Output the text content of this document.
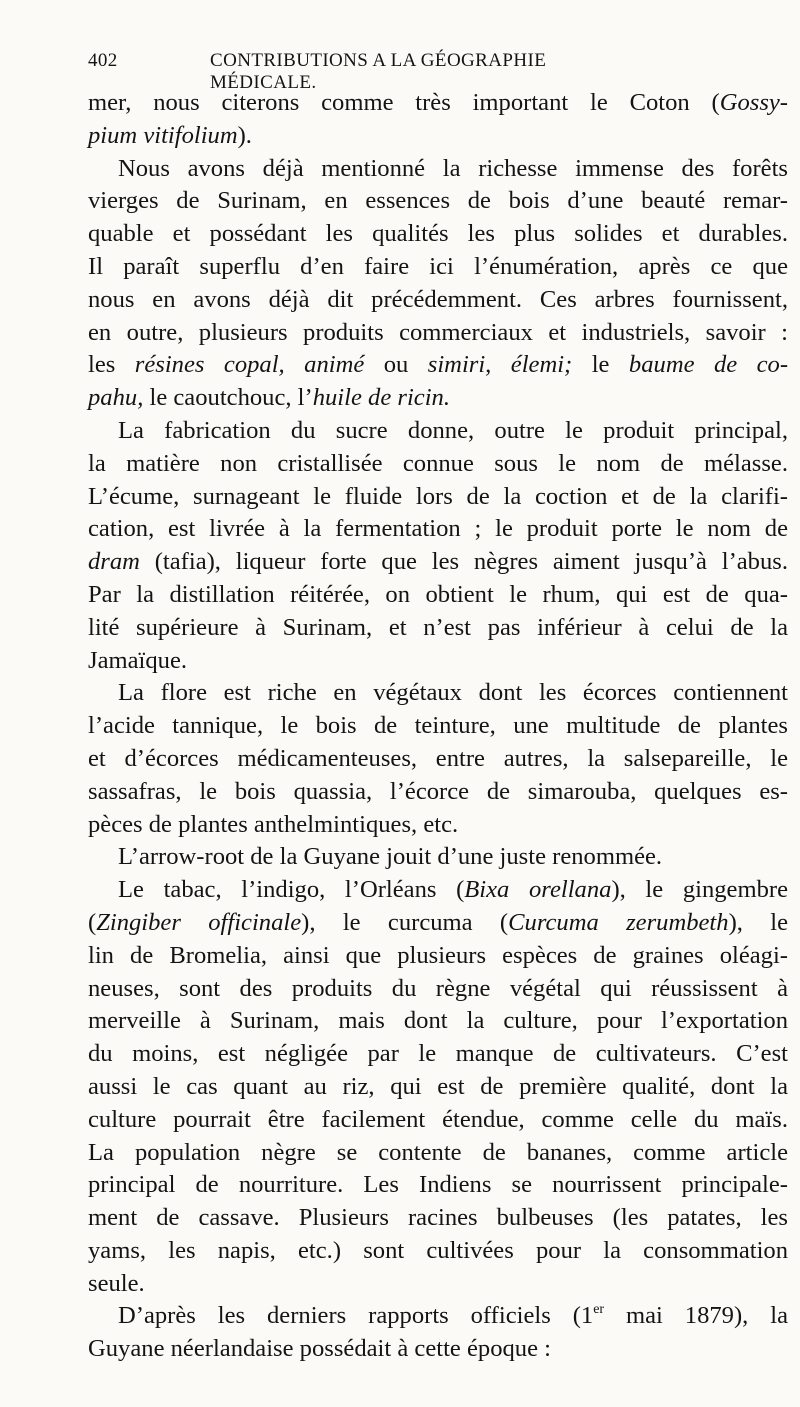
402	CONTRIBUTIONS A LA GÉOGRAPHIE MÉDICALE.
mer, nous citerons comme très important le Coton (Gossy-
pium vitifolium).
Nous avons déjà mentionné la richesse immense des forêts
vierges de Surinam, en essences de bois d’une beauté remar-
quable et possédant les qualités les plus solides et durables.
Il paraît superflu d’en faire ici l’énumération, après ce que
nous en avons déjà dit précédemment. Ces arbres fournissent,
en outre, plusieurs produits commerciaux et industriels, savoir :
les résines copal, animé ou simiri, élemi; le baume de co-
pahu, le caoutchouc, l’huile de ricin.
La fabrication du sucre donne, outre le produit principal,
la matière non cristallisée connue sous le nom de mélasse.
L’écume, surnageant le fluide lors de la coction et de la clarifi-
cation, est livrée à la fermentation ; le produit porte le nom de
dram (tafia), liqueur forte que les nègres aiment jusqu’à l’abus.
Par la distillation réitérée, on obtient le rhum, qui est de qua-
lité supérieure à Surinam, et n’est pas inférieur à celui de la
Jamaïque.
La flore est riche en végétaux dont les écorces contiennent
l’acide tannique, le bois de teinture, une multitude de plantes
et d’écorces médicamenteuses, entre autres, la salsepareille, le
sassafras, le bois quassia, l’écorce de simarouba, quelques es-
pèces de plantes anthelmintiques, etc.
L’arrow-root de la Guyane jouit d’une juste renommée.
Le tabac, l’indigo, l’Orléans (Bixa orellana), le gingembre
(Zingiber officinale), le curcuma (Curcuma zerumbeth), le
lin de Bromelia, ainsi que plusieurs espèces de graines oléagi-
neuses, sont des produits du règne végétal qui réussissent à
merveille à Surinam, mais dont la culture, pour l’exportation
du moins, est négligée par le manque de cultivateurs. C’est
aussi le cas quant au riz, qui est de première qualité, dont la
culture pourrait être facilement étendue, comme celle du maïs.
La population nègre se contente de bananes, comme article
principal de nourriture. Les Indiens se nourrissent principale-
ment de cassave. Plusieurs racines bulbeuses (les patates, les
yams, les napis, etc.) sont cultivées pour la consommation
seule.
D’après les derniers rapports officiels (1er mai 1879), la
Guyane néerlandaise possédait à cette époque :
